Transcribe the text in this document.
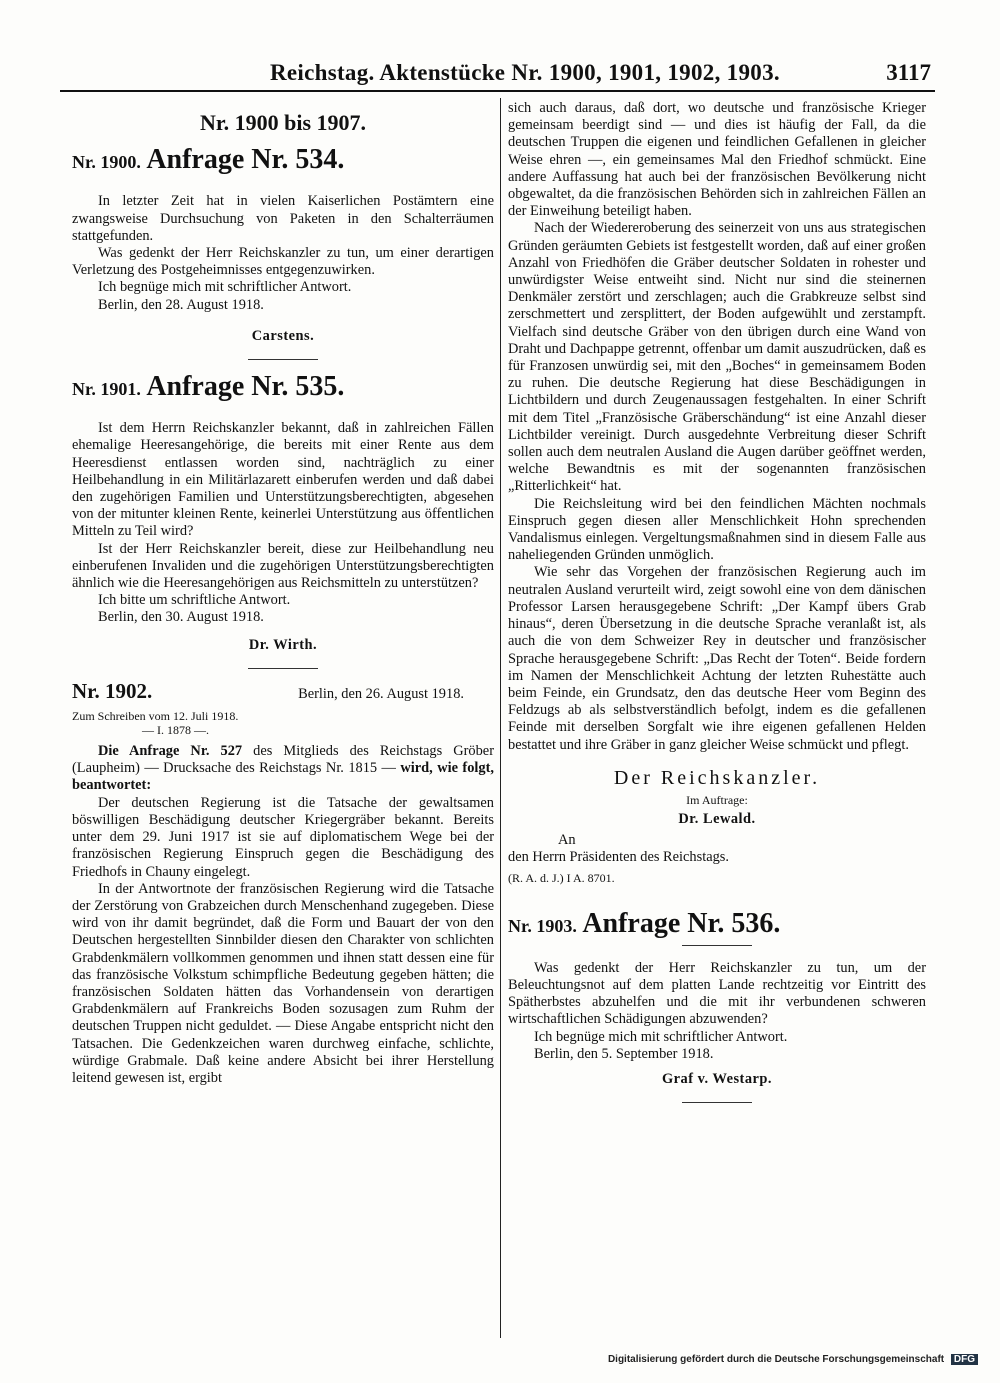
Reichstag. Aktenstücke Nr. 1900, 1901, 1902, 1903.	3117
Nr. 1900 bis 1907.
Nr. 1900. Anfrage Nr. 534.

In letzter Zeit hat in vielen Kaiserlichen Postämtern eine zwangsweise Durchsuchung von Paketen in den Schalterräumen stattgefunden.

Was gedenkt der Herr Reichskanzler zu tun, um einer derartigen Verletzung des Postgeheimnisses entgegenzuwirken.

Ich begnüge mich mit schriftlicher Antwort.

Berlin, den 28. August 1918.

Carstens.
Nr. 1901. Anfrage Nr. 535.

Ist dem Herrn Reichskanzler bekannt, daß in zahlreichen Fällen ehemalige Heeresangehörige, die bereits mit einer Rente aus dem Heeresdienst entlassen worden sind, nachträglich zu einer Heilbehandlung in ein Militärlazarett einberufen werden und daß dabei den zugehörigen Familien und Unterstützungsberechtigten, abgesehen von der mitunter kleinen Rente, keinerlei Unterstützung aus öffentlichen Mitteln zu Teil wird?

Ist der Herr Reichskanzler bereit, diese zur Heilbehandlung neu einberufenen Invaliden und die zugehörigen Unterstützungsberechtigten ähnlich wie die Heeresangehörigen aus Reichsmitteln zu unterstützen?

Ich bitte um schriftliche Antwort.

Berlin, den 30. August 1918.

Dr. Wirth.
Nr. 1902.	Berlin, den 26. August 1918.
Zum Schreiben vom 12. Juli 1918.
— I. 1878 —.

Die Anfrage Nr. 527 des Mitglieds des Reichstags Gröber (Laupheim) — Drucksache des Reichstags Nr. 1815 — wird, wie folgt, beantwortet:

Der deutschen Regierung ist die Tatsache der gewaltsamen böswilligen Beschädigung deutscher Kriegergräber bekannt. Bereits unter dem 29. Juni 1917 ist sie auf diplomatischem Wege bei der französischen Regierung Einspruch gegen die Beschädigung des Friedhofs in Chauny eingelegt.

In der Antwortnote der französischen Regierung wird die Tatsache der Zerstörung von Grabzeichen durch Menschenhand zugegeben. Diese wird von ihr damit begründet, daß die Form und Bauart der von den Deutschen hergestellten Sinnbilder diesen den Charakter von schlichten Grabdenkmälern vollkommen genommen und ihnen statt dessen eine für das französische Volkstum schimpfliche Bedeutung gegeben hätten; die französischen Soldaten hätten das Vorhandensein von derartigen Grabdenkmälern auf Frankreichs Boden sozusagen zum Ruhm der deutschen Truppen nicht geduldet. — Diese Angabe entspricht nicht den Tatsachen. Die Gedenkzeichen waren durchweg einfache, schlichte, würdige Grabmale. Daß keine andere Absicht bei ihrer Herstellung leitend gewesen ist, ergibt

sich auch daraus, daß dort, wo deutsche und französische Krieger gemeinsam beerdigt sind — und dies ist häufig der Fall, da die deutschen Truppen die eigenen und feindlichen Gefallenen in gleicher Weise ehren —, ein gemeinsames Mal den Friedhof schmückt. Eine andere Auffassung hat auch bei der französischen Bevölkerung nicht obgewaltet, da die französischen Behörden sich in zahlreichen Fällen an der Einweihung beteiligt haben.

Nach der Wiedereroberung des seinerzeit von uns aus strategischen Gründen geräumten Gebiets ist festgestellt worden, daß auf einer großen Anzahl von Friedhöfen die Gräber deutscher Soldaten in rohester und unwürdigster Weise entweiht sind. Nicht nur sind die steinernen Denkmäler zerstört und zerschlagen; auch die Grabkreuze selbst sind zerschmettert und zersplittert, der Boden aufgewühlt und zerstampft. Vielfach sind deutsche Gräber von den übrigen durch eine Wand von Draht und Dachpappe getrennt, offenbar um damit auszudrücken, daß es für Franzosen unwürdig sei, mit den „Boches“ in gemeinsamem Boden zu ruhen. Die deutsche Regierung hat diese Beschädigungen in Lichtbildern und durch Zeugenaussagen festgehalten. In einer Schrift mit dem Titel „Französische Gräberschändung“ ist eine Anzahl dieser Lichtbilder vereinigt. Durch ausgedehnte Verbreitung dieser Schrift sollen auch dem neutralen Ausland die Augen darüber geöffnet werden, welche Bewandtnis es mit der sogenannten französischen „Ritterlichkeit“ hat.

Die Reichsleitung wird bei den feindlichen Mächten nochmals Einspruch gegen diesen aller Menschlichkeit Hohn sprechenden Vandalismus einlegen. Vergeltungsmaßnahmen sind in diesem Falle aus naheliegenden Gründen unmöglich.

Wie sehr das Vorgehen der französischen Regierung auch im neutralen Ausland verurteilt wird, zeigt sowohl eine von dem dänischen Professor Larsen herausgegebene Schrift: „Der Kampf übers Grab hinaus“, deren Übersetzung in die deutsche Sprache veranlaßt ist, als auch die von dem Schweizer Rey in deutscher und französischer Sprache herausgegebene Schrift: „Das Recht der Toten“. Beide fordern im Namen der Menschlichkeit Achtung der letzten Ruhestätte auch beim Feinde, ein Grundsatz, den das deutsche Heer vom Beginn des Feldzugs ab als selbstverständlich befolgt, indem es die gefallenen Feinde mit derselben Sorgfalt wie ihre eigenen gefallenen Helden bestattet und ihre Gräber in ganz gleicher Weise schmückt und pflegt.

Der Reichskanzler.
Im Auftrage:
Dr. Lewald.
An
den Herrn Präsidenten des Reichstags.
(R. A. d. J.) I A. 8701.
Nr. 1903. Anfrage Nr. 536.

Was gedenkt der Herr Reichskanzler zu tun, um der Beleuchtungsnot auf dem platten Lande rechtzeitig vor Eintritt des Spätherbstes abzuhelfen und die mit ihr verbundenen schweren wirtschaftlichen Schädigungen abzuwenden?

Ich begnüge mich mit schriftlicher Antwort.

Berlin, den 5. September 1918.

Graf v. Westarp.
Digitalisierung gefördert durch die Deutsche Forschungsgemeinschaft DFG
